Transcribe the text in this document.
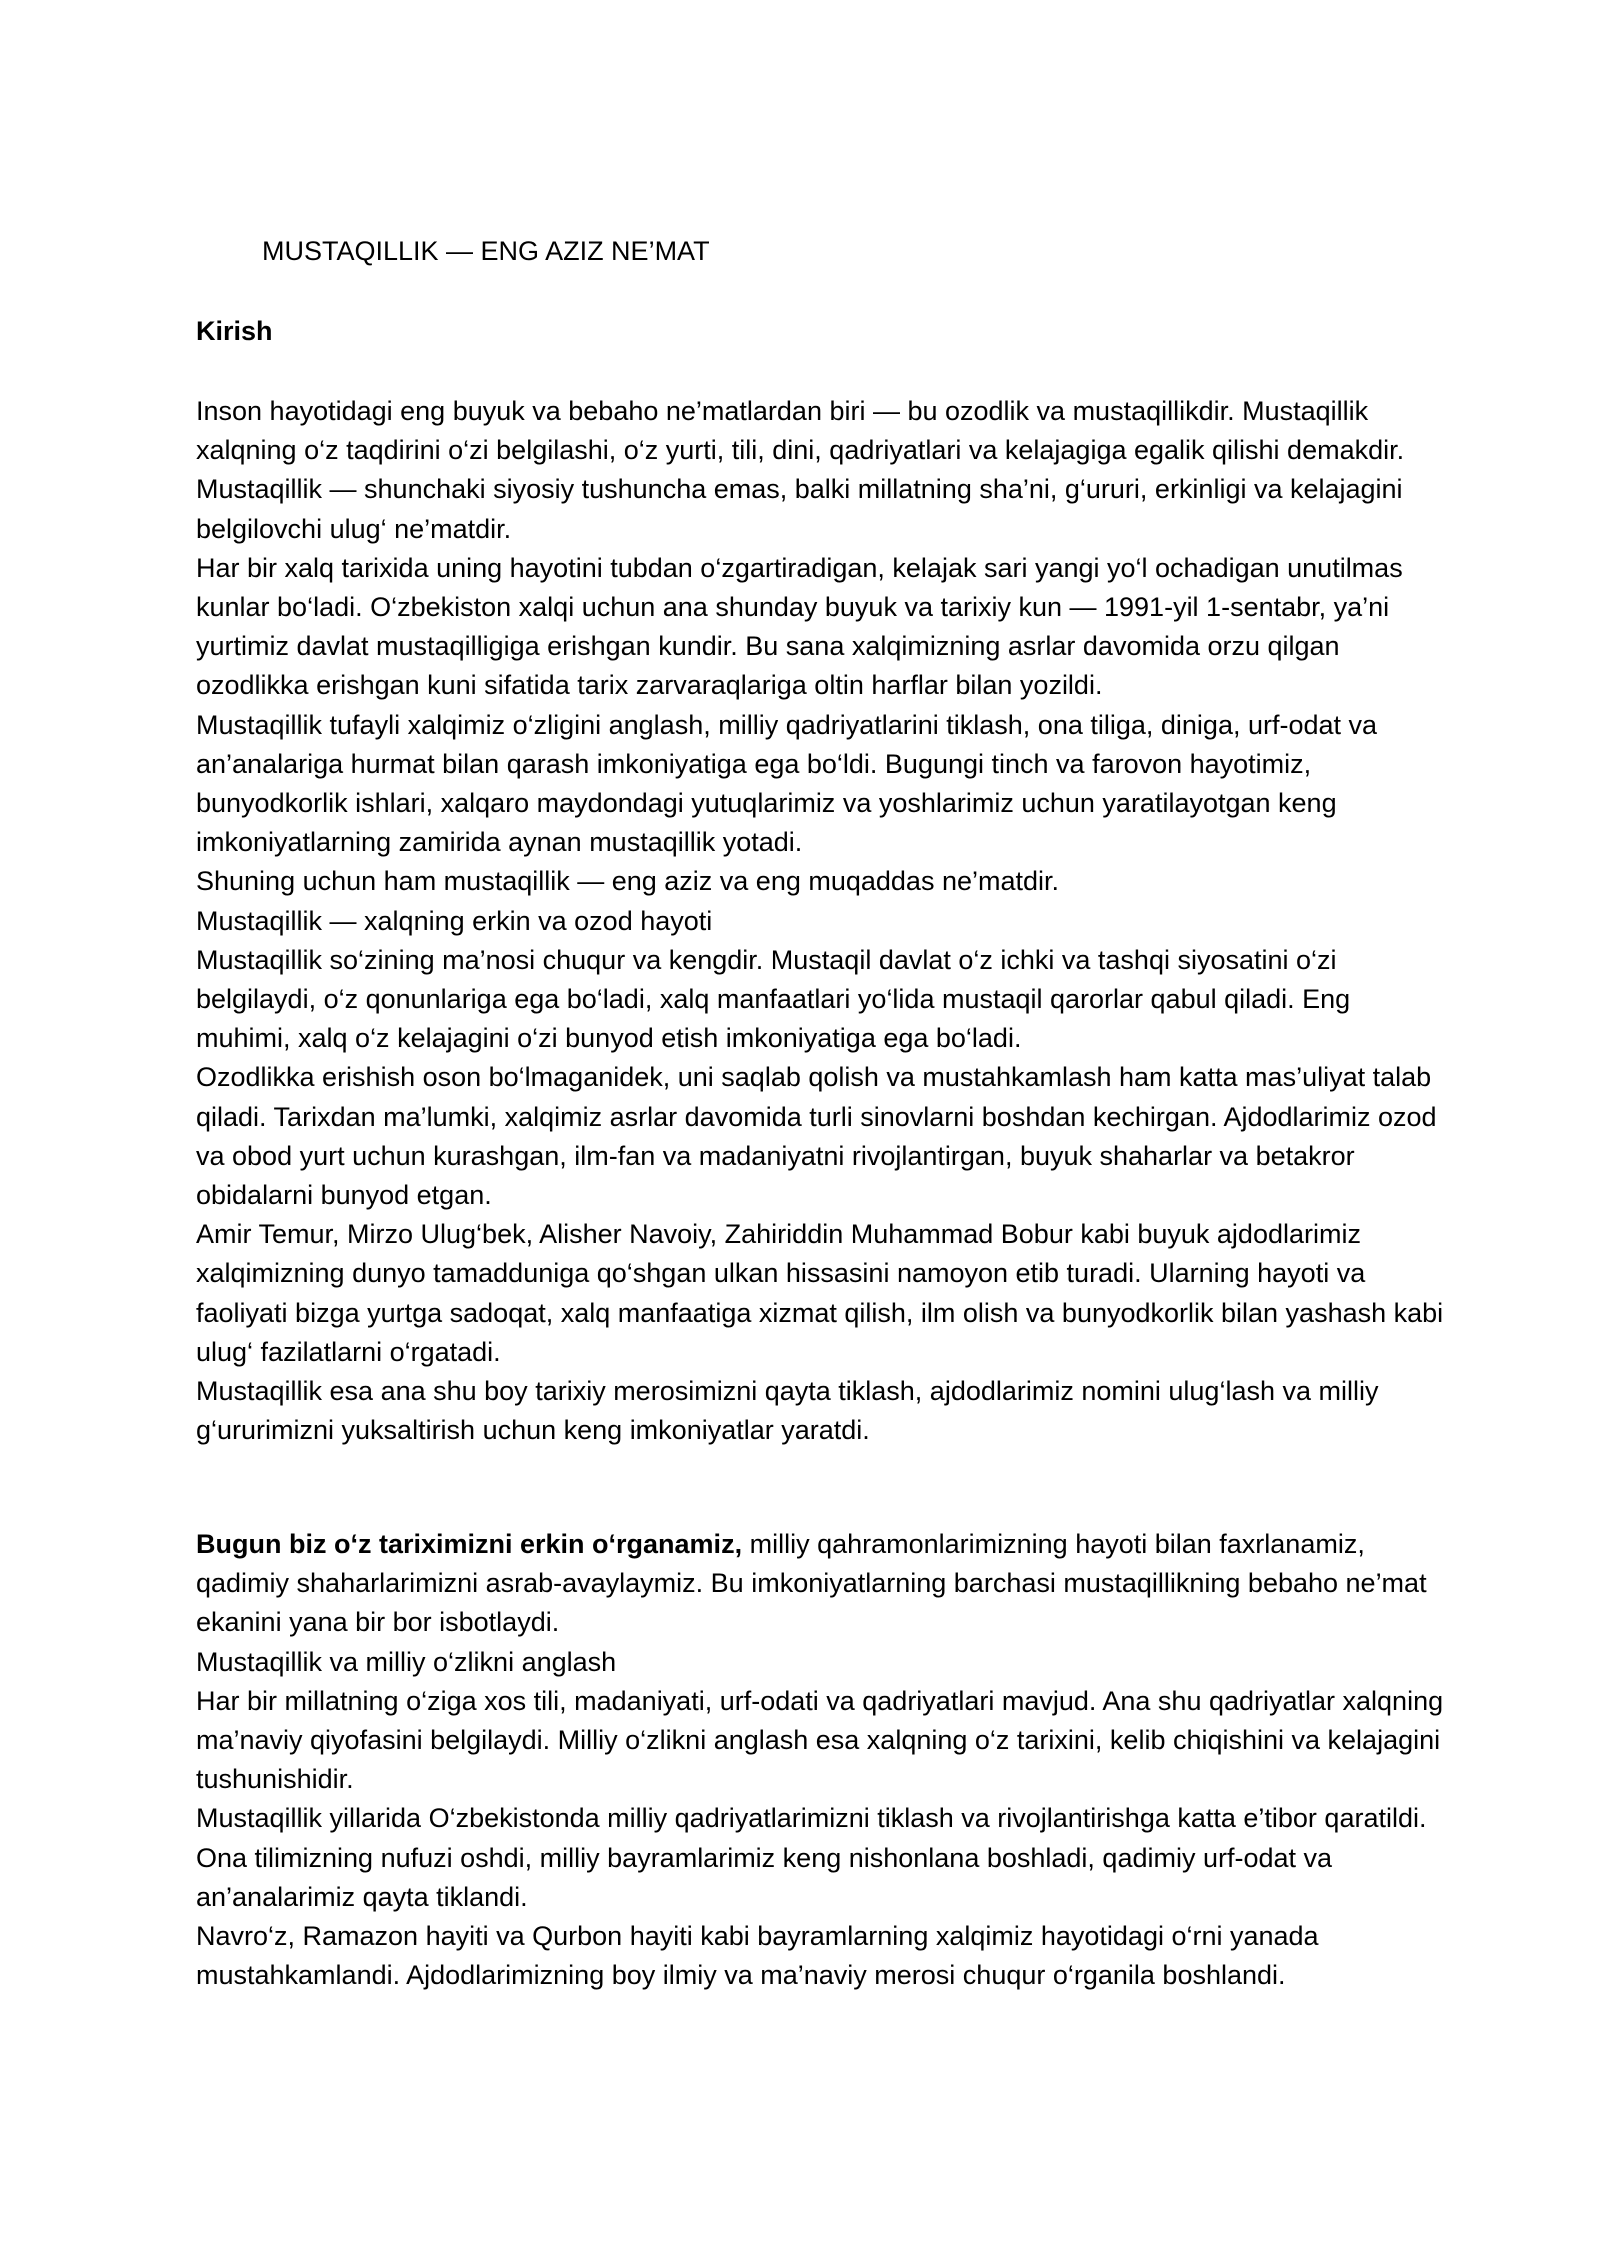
MUSTAQILLIK — ENG AZIZ NE’MAT
Kirish

Inson hayotidagi eng buyuk va bebaho ne’matlardan biri — bu ozodlik va mustaqillikdir. Mustaqillik xalqning o‘z taqdirini o‘zi belgilashi, o‘z yurti, tili, dini, qadriyatlari va kelajagiga egalik qilishi demakdir. Mustaqillik — shunchaki siyosiy tushuncha emas, balki millatning sha’ni, g‘ururi, erkinligi va kelajagini belgilovchi ulug‘ ne’matdir.

Har bir xalq tarixida uning hayotini tubdan o‘zgartiradigan, kelajak sari yangi yo‘l ochadigan unutilmas kunlar bo‘ladi. O‘zbekiston xalqi uchun ana shunday buyuk va tarixiy kun — 1991-yil 1-sentabr, ya’ni yurtimiz davlat mustaqilligiga erishgan kundir. Bu sana xalqimizning asrlar davomida orzu qilgan ozodlikka erishgan kuni sifatida tarix zarvaraqlariga oltin harflar bilan yozildi.

Mustaqillik tufayli xalqimiz o‘zligini anglash, milliy qadriyatlarini tiklash, ona tiliga, diniga, urf-odat va an’analariga hurmat bilan qarash imkoniyatiga ega bo‘ldi. Bugungi tinch va farovon hayotimiz, bunyodkorlik ishlari, xalqaro maydondagi yutuqlarimiz va yoshlarimiz uchun yaratilayotgan keng imkoniyatlarning zamirida aynan mustaqillik yotadi.

Shuning uchun ham mustaqillik — eng aziz va eng muqaddas ne’matdir.

Mustaqillik — xalqning erkin va ozod hayoti

Mustaqillik so‘zining ma’nosi chuqur va kengdir. Mustaqil davlat o‘z ichki va tashqi siyosatini o‘zi belgilaydi, o‘z qonunlariga ega bo‘ladi, xalq manfaatlari yo‘lida mustaqil qarorlar qabul qiladi. Eng muhimi, xalq o‘z kelajagini o‘zi bunyod etish imkoniyatiga ega bo‘ladi.

Ozodlikka erishish oson bo‘lmaganidek, uni saqlab qolish va mustahkamlash ham katta mas’uliyat talab qiladi. Tarixdan ma’lumki, xalqimiz asrlar davomida turli sinovlarni boshdan kechirgan. Ajdodlarimiz ozod va obod yurt uchun kurashgan, ilm-fan va madaniyatni rivojlantirgan, buyuk shaharlar va betakror obidalarni bunyod etgan.

Amir Temur, Mirzo Ulug‘bek, Alisher Navoiy, Zahiriddin Muhammad Bobur kabi buyuk ajdodlarimiz xalqimizning dunyo tamadduniga qo‘shgan ulkan hissasini namoyon etib turadi. Ularning hayoti va faoliyati bizga yurtga sadoqat, xalq manfaatiga xizmat qilish, ilm olish va bunyodkorlik bilan yashash kabi ulug‘ fazilatlarni o‘rgatadi.

Mustaqillik esa ana shu boy tarixiy merosimizni qayta tiklash, ajdodlarimiz nomini ulug‘lash va milliy g‘ururimizni yuksaltirish uchun keng imkoniyatlar yaratdi.

Bugun biz o‘z tariximizni erkin o‘rganamiz, milliy qahramonlarimizning hayoti bilan faxrlanamiz, qadimiy shaharlarimizni asrab-avaylaymiz. Bu imkoniyatlarning barchasi mustaqillikning bebaho ne’mat ekanini yana bir bor isbotlaydi.

Mustaqillik va milliy o‘zlikni anglash

Har bir millatning o‘ziga xos tili, madaniyati, urf-odati va qadriyatlari mavjud. Ana shu qadriyatlar xalqning ma’naviy qiyofasini belgilaydi. Milliy o‘zlikni anglash esa xalqning o‘z tarixini, kelib chiqishini va kelajagini tushunishidir.

Mustaqillik yillarida O‘zbekistonda milliy qadriyatlarimizni tiklash va rivojlantirishga katta e’tibor qaratildi. Ona tilimizning nufuzi oshdi, milliy bayramlarimiz keng nishonlana boshladi, qadimiy urf-odat va an’analarimiz qayta tiklandi.

Navro‘z, Ramazon hayiti va Qurbon hayiti kabi bayramlarning xalqimiz hayotidagi o‘rni yanada mustahkamlandi. Ajdodlarimizning boy ilmiy va ma’naviy merosi chuqur o‘rganila boshlandi.
